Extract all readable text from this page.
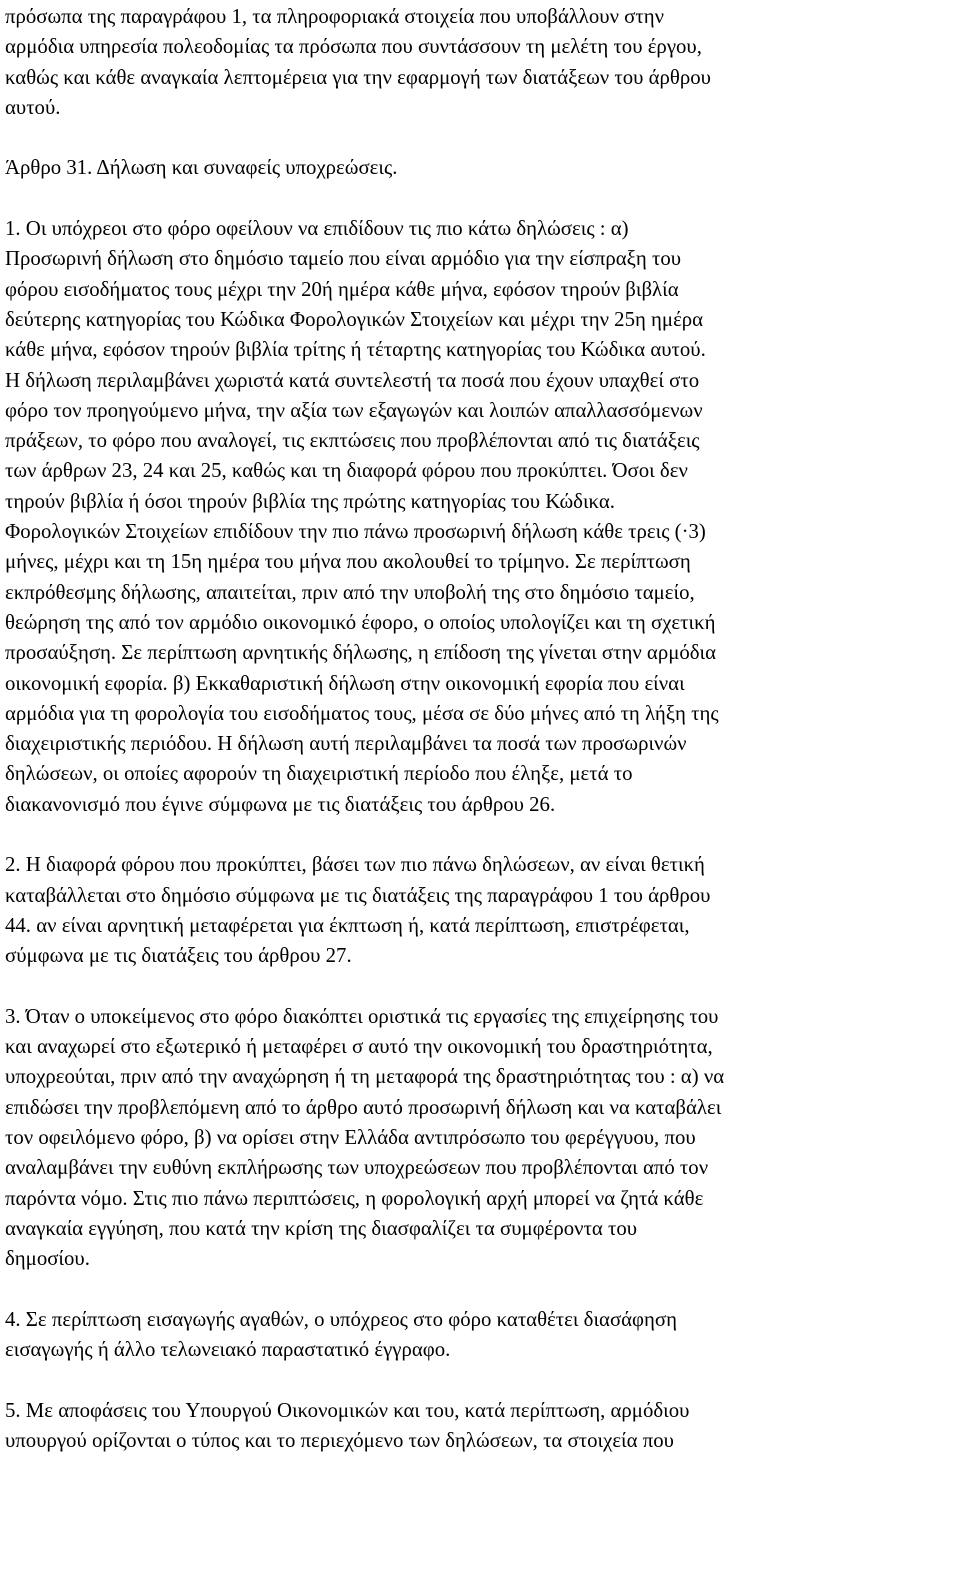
πρόσωπα της παραγράφου 1, τα πληροφοριακά στοιχεία που υποβάλλουν στην
αρμόδια υπηρεσία πολεοδομίας τα πρόσωπα που συντάσσουν τη μελέτη του έργου,
καθώς και κάθε αναγκαία λεπτομέρεια για την εφαρμογή των διατάξεων του άρθρου
αυτού.
Άρθρο 31. Δήλωση και συναφείς υποχρεώσεις.
1. Οι υπόχρεοι στο φόρο οφείλουν να επιδίδουν τις πιο κάτω δηλώσεις : α)
Προσωρινή δήλωση στο δημόσιο ταμείο που είναι αρμόδιο για την είσπραξη του
φόρου εισοδήματος τους μέχρι την 20ή ημέρα κάθε μήνα, εφόσον τηρούν βιβλία
δεύτερης κατηγορίας του Κώδικα Φορολογικών Στοιχείων και μέχρι την 25η ημέρα
κάθε μήνα, εφόσον τηρούν βιβλία τρίτης ή τέταρτης κατηγορίας του Κώδικα αυτού.
Η δήλωση περιλαμβάνει χωριστά κατά συντελεστή τα ποσά που έχουν υπαχθεί στο
φόρο τον προηγούμενο μήνα, την αξία των εξαγωγών και λοιπών απαλλασσόμενων
πράξεων, το φόρο που αναλογεί, τις εκπτώσεις που προβλέπονται από τις διατάξεις
των άρθρων 23, 24 και 25, καθώς και τη διαφορά φόρου που προκύπτει. Όσοι δεν
τηρούν βιβλία ή όσοι τηρούν βιβλία της πρώτης κατηγορίας του Κώδικα.
Φορολογικών Στοιχείων επιδίδουν την πιο πάνω προσωρινή δήλωση κάθε τρεις (·3)
μήνες, μέχρι και τη 15η ημέρα του μήνα που ακολουθεί το τρίμηνο. Σε περίπτωση
εκπρόθεσμης δήλωσης, απαιτείται, πριν από την υποβολή της στο δημόσιο ταμείο,
θεώρηση της από τον αρμόδιο οικονομικό έφορο, ο οποίος υπολογίζει και τη σχετική
προσαύξηση. Σε περίπτωση αρνητικής δήλωσης, η επίδοση της γίνεται στην αρμόδια
οικονομική εφορία. β) Εκκαθαριστική δήλωση στην οικονομική εφορία που είναι
αρμόδια για τη φορολογία του εισοδήματος τους, μέσα σε δύο μήνες από τη λήξη της
διαχειριστικής περιόδου. Η δήλωση αυτή περιλαμβάνει τα ποσά των προσωρινών
δηλώσεων, οι οποίες αφορούν τη διαχειριστική περίοδο που έληξε, μετά το
διακανονισμό που έγινε σύμφωνα με τις διατάξεις του άρθρου 26.
2. Η διαφορά φόρου που προκύπτει, βάσει των πιο πάνω δηλώσεων, αν είναι θετική
καταβάλλεται στο δημόσιο σύμφωνα με τις διατάξεις της παραγράφου 1 του άρθρου
44. αν είναι αρνητική μεταφέρεται για έκπτωση ή, κατά περίπτωση, επιστρέφεται,
σύμφωνα με τις διατάξεις του άρθρου 27.
3. Όταν ο υποκείμενος στο φόρο διακόπτει οριστικά τις εργασίες της επιχείρησης του
και αναχωρεί στο εξωτερικό ή μεταφέρει σ αυτό την οικονομική του δραστηριότητα,
υποχρεούται, πριν από την αναχώρηση ή τη μεταφορά της δραστηριότητας του : α) να
επιδώσει την προβλεπόμενη από το άρθρο αυτό προσωρινή δήλωση και να καταβάλει
τον οφειλόμενο φόρο, β) να ορίσει στην Ελλάδα αντιπρόσωπο του φερέγγυου, που
αναλαμβάνει την ευθύνη εκπλήρωσης των υποχρεώσεων που προβλέπονται από τον
παρόντα νόμο. Στις πιο πάνω περιπτώσεις, η φορολογική αρχή μπορεί να ζητά κάθε
αναγκαία εγγύηση, που κατά την κρίση της διασφαλίζει τα συμφέροντα του
δημοσίου.
4. Σε περίπτωση εισαγωγής αγαθών, ο υπόχρεος στο φόρο καταθέτει διασάφηση
εισαγωγής ή άλλο τελωνειακό παραστατικό έγγραφο.
5. Με αποφάσεις του Υπουργού Οικονομικών και του, κατά περίπτωση, αρμόδιου
υπουργού ορίζονται ο τύπος και το περιεχόμενο των δηλώσεων, τα στοιχεία που
